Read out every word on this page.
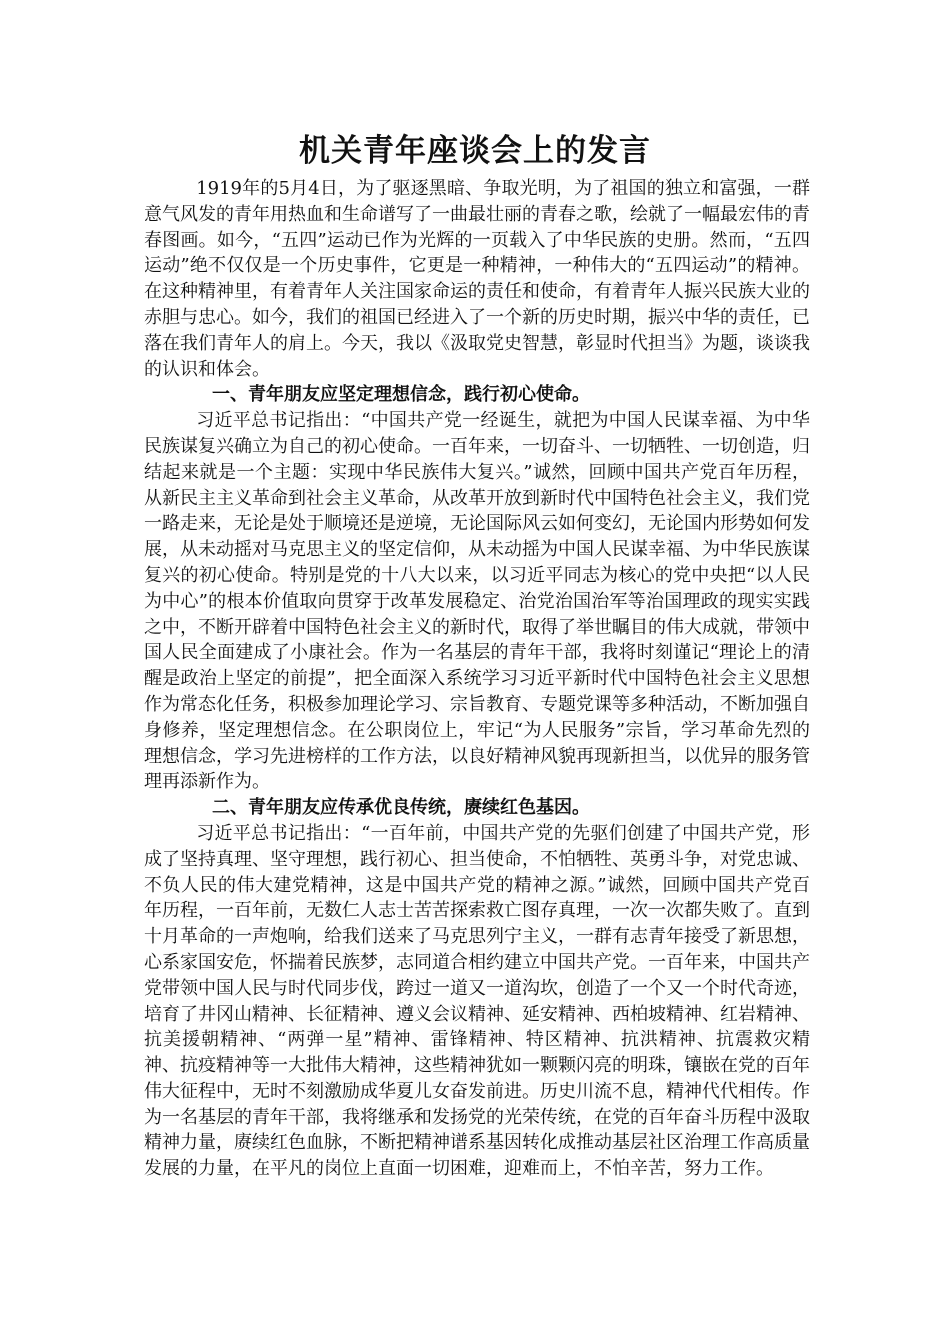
机关青年座谈会上的发言

1919年的5月4日，为了驱逐黑暗、争取光明，为了祖国的独立和富强，一群意气风发的青年用热血和生命谱写了一曲最壮丽的青春之歌，绘就了一幅最宏伟的青春图画。如今，“五四”运动已作为光辉的一页载入了中华民族的史册。然而，“五四运动”绝不仅仅是一个历史事件，它更是一种精神，一种伟大的“五四运动”的精神。在这种精神里，有着青年人关注国家命运的责任和使命，有着青年人振兴民族大业的赤胆与忠心。如今，我们的祖国已经进入了一个新的历史时期，振兴中华的责任，已落在我们青年人的肩上。今天，我以《汲取党史智慧，彰显时代担当》为题，谈谈我的认识和体会。

一、青年朋友应坚定理想信念，践行初心使命。

习近平总书记指出：“中国共产党一经诞生，就把为中国人民谋幸福、为中华民族谋复兴确立为自己的初心使命。一百年来，一切奋斗、一切牺牲、一切创造，归结起来就是一个主题：实现中华民族伟大复兴。”诚然，回顾中国共产党百年历程，从新民主主义革命到社会主义革命，从改革开放到新时代中国特色社会主义，我们党一路走来，无论是处于顺境还是逆境，无论国际风云如何变幻，无论国内形势如何发展，从未动摇对马克思主义的坚定信仰，从未动摇为中国人民谋幸福、为中华民族谋复兴的初心使命。特别是党的十八大以来，以习近平同志为核心的党中央把“以人民为中心”的根本价值取向贯穿于改革发展稳定、治党治国治军等治国理政的现实实践之中，不断开辟着中国特色社会主义的新时代，取得了举世瞩目的伟大成就，带领中国人民全面建成了小康社会。作为一名基层的青年干部，我将时刻谨记“理论上的清醒是政治上坚定的前提”，把全面深入系统学习习近平新时代中国特色社会主义思想作为常态化任务，积极参加理论学习、宗旨教育、专题党课等多种活动，不断加强自身修养，坚定理想信念。在公职岗位上，牢记“为人民服务”宗旨，学习革命先烈的理想信念，学习先进榜样的工作方法，以良好精神风貌再现新担当，以优异的服务管理再添新作为。

二、青年朋友应传承优良传统，赓续红色基因。

习近平总书记指出：“一百年前，中国共产党的先驱们创建了中国共产党，形成了坚持真理、坚守理想，践行初心、担当使命，不怕牺牲、英勇斗争，对党忠诚、不负人民的伟大建党精神，这是中国共产党的精神之源。”诚然，回顾中国共产党百年历程，一百年前，无数仁人志士苦苦探索救亡图存真理，一次一次都失败了。直到十月革命的一声炮响，给我们送来了马克思列宁主义，一群有志青年接受了新思想，心系家国安危，怀揣着民族梦，志同道合相约建立中国共产党。一百年来，中国共产党带领中国人民与时代同步伐，跨过一道又一道沟坎，创造了一个又一个时代奇迹，培育了井冈山精神、长征精神、遵义会议精神、延安精神、西柏坡精神、红岩精神、抗美援朝精神、“两弹一星”精神、雷锋精神、特区精神、抗洪精神、抗震救灾精神、抗疫精神等一大批伟大精神，这些精神犹如一颗颗闪亮的明珠，镶嵌在党的百年伟大征程中，无时不刻激励成华夏儿女奋发前进。历史川流不息，精神代代相传。作为一名基层的青年干部，我将继承和发扬党的光荣传统，在党的百年奋斗历程中汲取精神力量，赓续红色血脉，不断把精神谱系基因转化成推动基层社区治理工作高质量发展的力量，在平凡的岗位上直面一切困难，迎难而上，不怕辛苦，努力工作。
